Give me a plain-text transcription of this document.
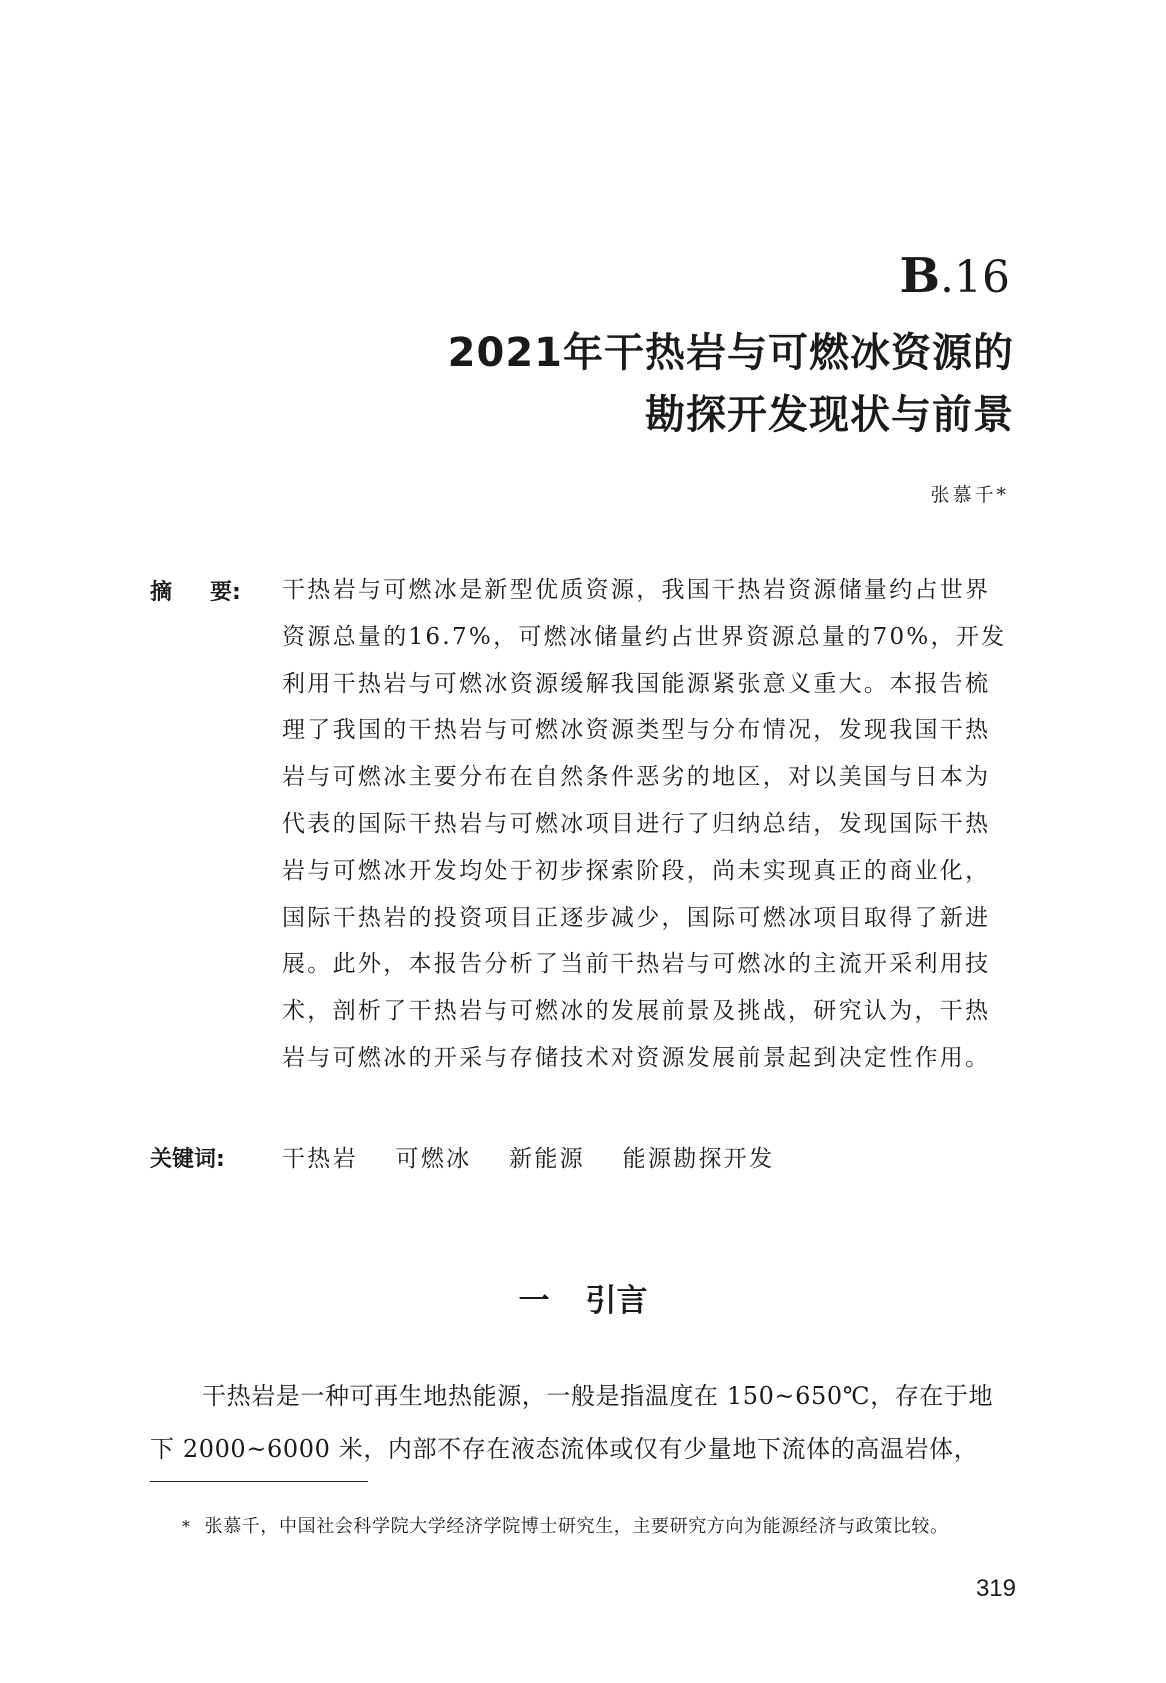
B.16
2021年干热岩与可燃冰资源的
勘探开发现状与前景
张慕千*
摘 要: 干热岩与可燃冰是新型优质资源，我国干热岩资源储量约占世界
资源总量的16.7%，可燃冰储量约占世界资源总量的70%，开发
利用干热岩与可燃冰资源缓解我国能源紧张意义重大。本报告梳
理了我国的干热岩与可燃冰资源类型与分布情况，发现我国干热
岩与可燃冰主要分布在自然条件恶劣的地区，对以美国与日本为
代表的国际干热岩与可燃冰项目进行了归纳总结，发现国际干热
岩与可燃冰开发均处于初步探索阶段，尚未实现真正的商业化，
国际干热岩的投资项目正逐步减少，国际可燃冰项目取得了新进
展。此外，本报告分析了当前干热岩与可燃冰的主流开采利用技
术，剖析了干热岩与可燃冰的发展前景及挑战，研究认为，干热
岩与可燃冰的开采与存储技术对资源发展前景起到决定性作用。
关键词: 干热岩 可燃冰 新能源 能源勘探开发
一 引言
干热岩是一种可再生地热能源，一般是指温度在 150~650℃，存在于地
下 2000~6000 米，内部不存在液态流体或仅有少量地下流体的高温岩体，
* 张慕千，中国社会科学院大学经济学院博士研究生，主要研究方向为能源经济与政策比较。
319
